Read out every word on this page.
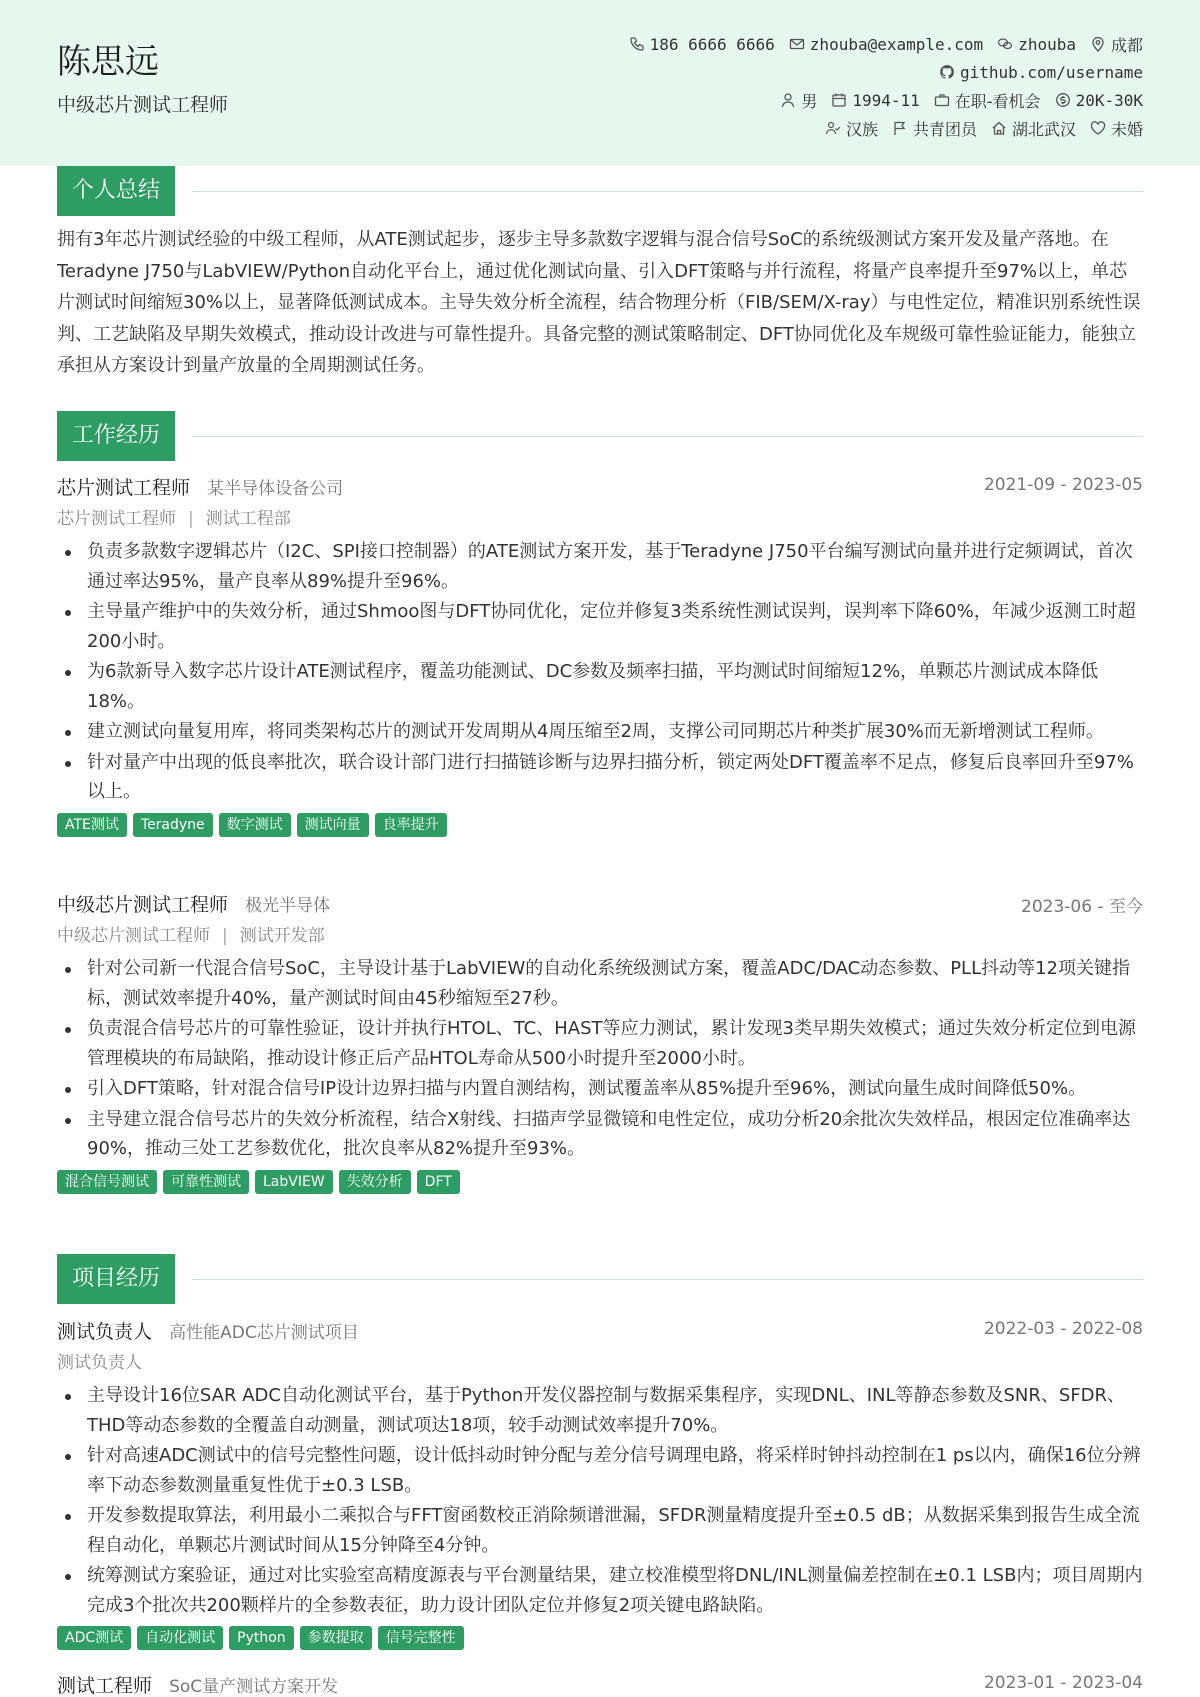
陈思远
中级芯片测试工程师
186 6666 6666 zhouba@example.com zhouba 成都
github.com/username
男 1994-11 在职-看机会 20K-30K
汉族 共青团员 湖北武汉 未婚
个人总结
拥有3年芯片测试经验的中级工程师，从ATE测试起步，逐步主导多款数字逻辑与混合信号SoC的系统级测试方案开发及量产落地。在Teradyne J750与LabVIEW/Python自动化平台上，通过优化测试向量、引入DFT策略与并行流程，将量产良率提升至97%以上，单芯片测试时间缩短30%以上，显著降低测试成本。主导失效分析全流程，结合物理分析（FIB/SEM/X-ray）与电性定位，精准识别系统性误判、工艺缺陷及早期失效模式，推动设计改进与可靠性提升。具备完整的测试策略制定、DFT协同优化及车规级可靠性验证能力，能独立承担从方案设计到量产放量的全周期测试任务。
工作经历
芯片测试工程师 某半导体设备公司	2021-09 - 2023-05
芯片测试工程师 | 测试工程部
负责多款数字逻辑芯片（I2C、SPI接口控制器）的ATE测试方案开发，基于Teradyne J750平台编写测试向量并进行定频调试，首次通过率达95%，量产良率从89%提升至96%。
主导量产维护中的失效分析，通过Shmoo图与DFT协同优化，定位并修复3类系统性测试误判，误判率下降60%，年减少返测工时超200小时。
为6款新导入数字芯片设计ATE测试程序，覆盖功能测试、DC参数及频率扫描，平均测试时间缩短12%，单颗芯片测试成本降低18%。
建立测试向量复用库，将同类架构芯片的测试开发周期从4周压缩至2周，支撑公司同期芯片种类扩展30%而无新增测试工程师。
针对量产中出现的低良率批次，联合设计部门进行扫描链诊断与边界扫描分析，锁定两处DFT覆盖率不足点，修复后良率回升至97%以上。
ATE测试	Teradyne	数字测试	测试向量	良率提升
中级芯片测试工程师 极光半导体	2023-06 - 至今
中级芯片测试工程师 | 测试开发部
针对公司新一代混合信号SoC，主导设计基于LabVIEW的自动化系统级测试方案，覆盖ADC/DAC动态参数、PLL抖动等12项关键指标，测试效率提升40%，量产测试时间由45秒缩短至27秒。
负责混合信号芯片的可靠性验证，设计并执行HTOL、TC、HAST等应力测试，累计发现3类早期失效模式；通过失效分析定位到电源管理模块的布局缺陷，推动设计修正后产品HTOL寿命从500小时提升至2000小时。
引入DFT策略，针对混合信号IP设计边界扫描与内置自测结构，测试覆盖率从85%提升至96%，测试向量生成时间降低50%。
主导建立混合信号芯片的失效分析流程，结合X射线、扫描声学显微镜和电性定位，成功分析20余批次失效样品，根因定位准确率达90%，推动三处工艺参数优化，批次良率从82%提升至93%。
混合信号测试	可靠性测试	LabVIEW	失效分析	DFT
项目经历
测试负责人 高性能ADC芯片测试项目	2022-03 - 2022-08
测试负责人
主导设计16位SAR ADC自动化测试平台，基于Python开发仪器控制与数据采集程序，实现DNL、INL等静态参数及SNR、SFDR、THD等动态参数的全覆盖自动测量，测试项达18项，较手动测试效率提升70%。
针对高速ADC测试中的信号完整性问题，设计低抖动时钟分配与差分信号调理电路，将采样时钟抖动控制在1 ps以内，确保16位分辨率下动态参数测量重复性优于±0.3 LSB。
开发参数提取算法，利用最小二乘拟合与FFT窗函数校正消除频谱泄漏，SFDR测量精度提升至±0.5 dB；从数据采集到报告生成全流程自动化，单颗芯片测试时间从15分钟降至4分钟。
统筹测试方案验证，通过对比实验室高精度源表与平台测量结果，建立校准模型将DNL/INL测量偏差控制在±0.1 LSB内；项目周期内完成3个批次共200颗样片的全参数表征，助力设计团队定位并修复2项关键电路缺陷。
ADC测试	自动化测试	Python	参数提取	信号完整性
测试工程师 SoC量产测试方案开发	2023-01 - 2023-04
